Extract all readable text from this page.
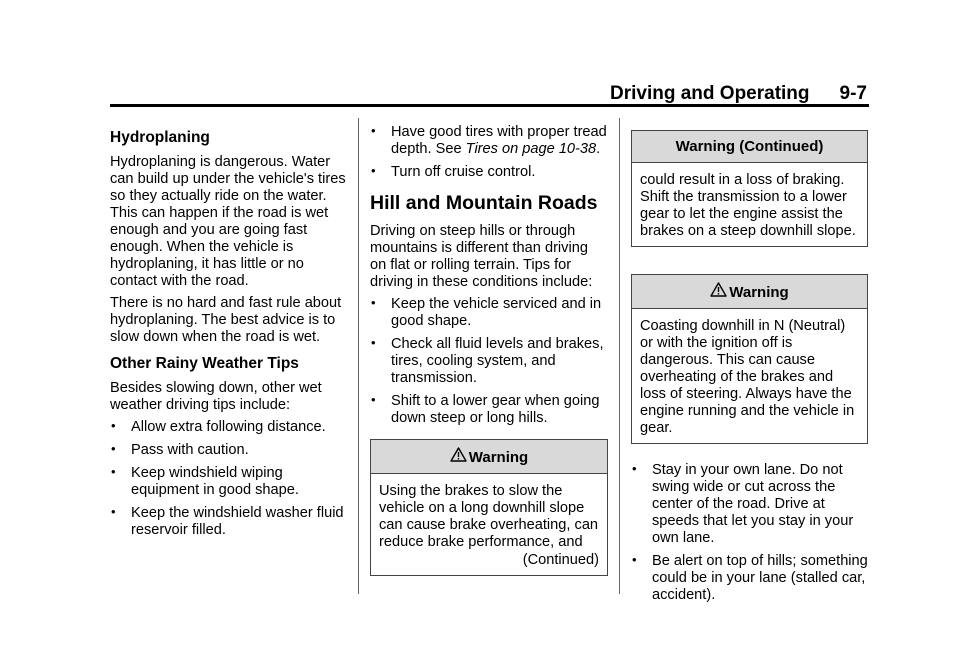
Driving and Operating 9-7
Hydroplaning

Hydroplaning is dangerous. Water can build up under the vehicle's tires so they actually ride on the water. This can happen if the road is wet enough and you are going fast enough. When the vehicle is hydroplaning, it has little or no contact with the road.

There is no hard and fast rule about hydroplaning. The best advice is to slow down when the road is wet.

Other Rainy Weather Tips

Besides slowing down, other wet weather driving tips include:

• Allow extra following distance.
• Pass with caution.
• Keep windshield wiping equipment in good shape.
• Keep the windshield washer fluid reservoir filled.
• Have good tires with proper tread depth. See Tires on page 10-38.
• Turn off cruise control.
Hill and Mountain Roads

Driving on steep hills or through mountains is different than driving on flat or rolling terrain. Tips for driving in these conditions include:

• Keep the vehicle serviced and in good shape.
• Check all fluid levels and brakes, tires, cooling system, and transmission.
• Shift to a lower gear when going down steep or long hills.
Warning

Using the brakes to slow the vehicle on a long downhill slope can cause brake overheating, can reduce brake performance, and

(Continued)

Warning (Continued)

could result in a loss of braking. Shift the transmission to a lower gear to let the engine assist the brakes on a steep downhill slope.

Warning

Coasting downhill in N (Neutral) or with the ignition off is dangerous. This can cause overheating of the brakes and loss of steering. Always have the engine running and the vehicle in gear.

• Stay in your own lane. Do not swing wide or cut across the center of the road. Drive at speeds that let you stay in your own lane.
• Be alert on top of hills; something could be in your lane (stalled car, accident).
